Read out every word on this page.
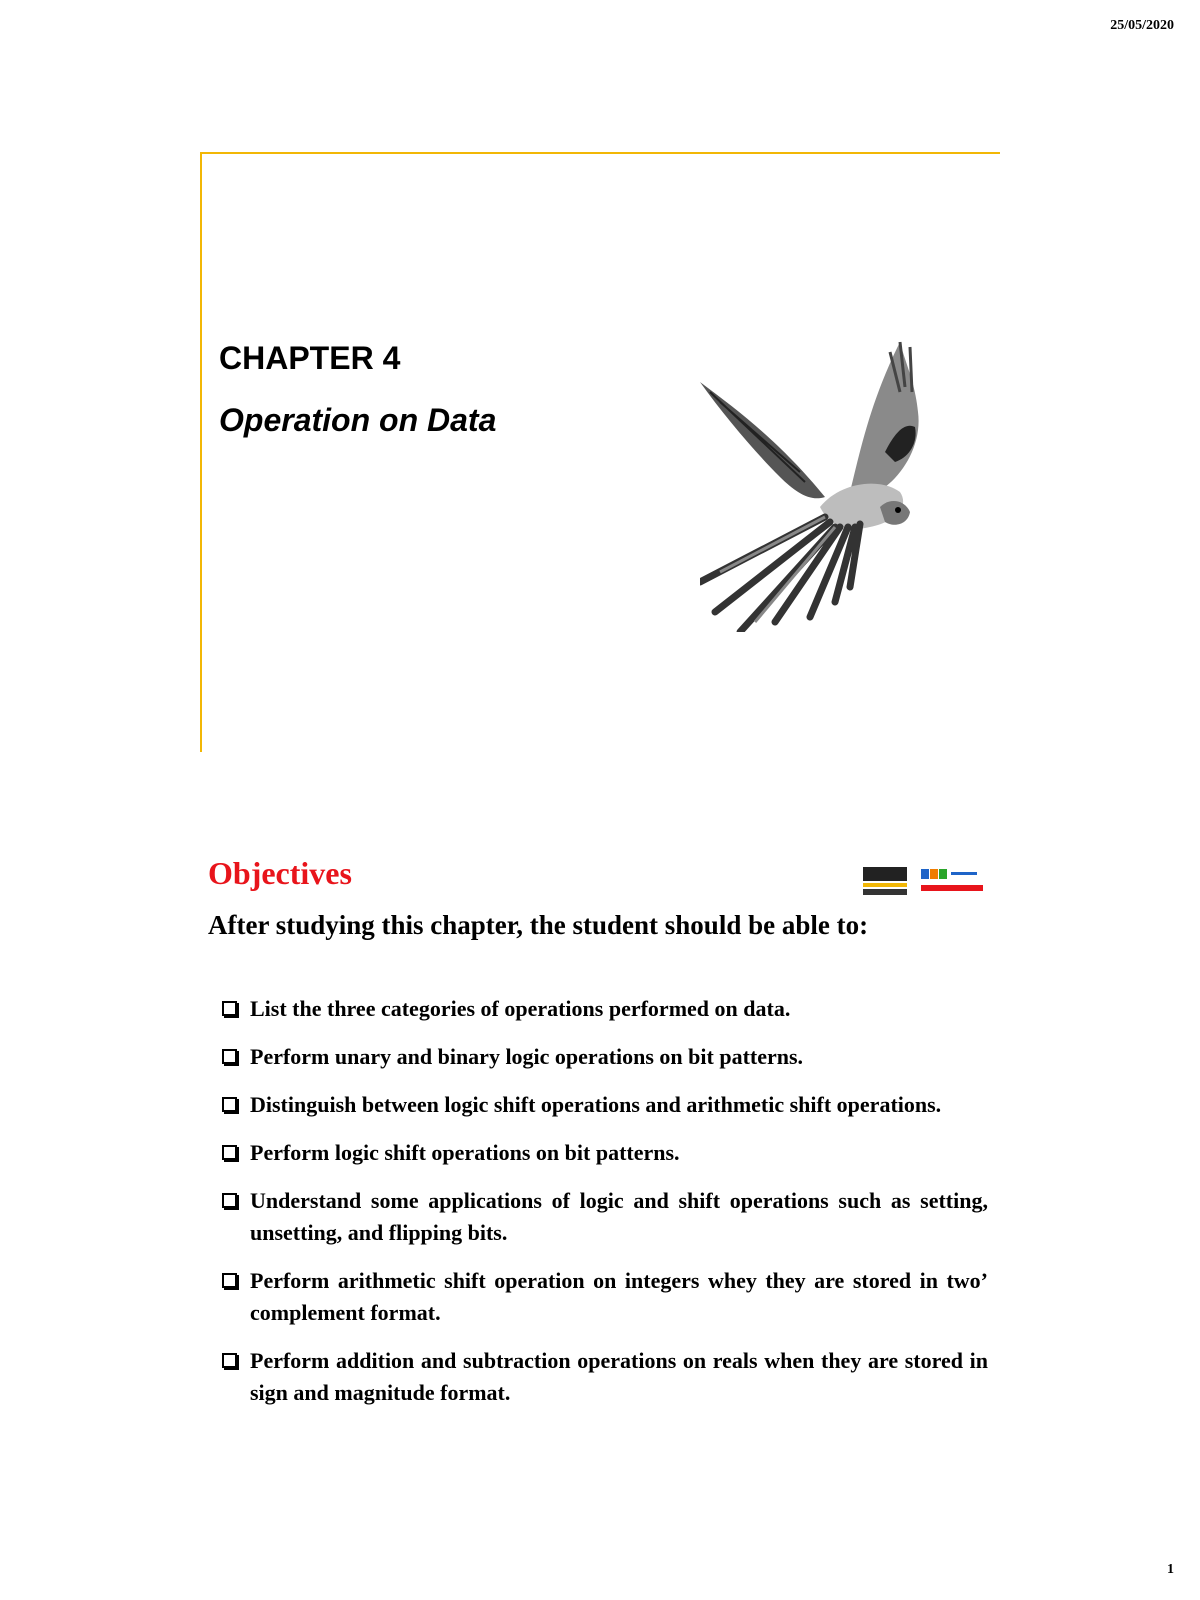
25/05/2020
CHAPTER 4
Operation on Data
Objectives
After studying this chapter, the student should be able to:
List the three categories of operations performed on data.
Perform unary and binary logic operations on bit patterns.
Distinguish between logic shift operations and arithmetic shift operations.
Perform logic shift operations on bit patterns.
Understand some applications of logic and shift operations such as setting, unsetting, and flipping bits.
Perform arithmetic shift operation on integers whey they are stored in two’ complement format.
Perform addition and subtraction operations on reals when they are stored in sign and magnitude format.
1
